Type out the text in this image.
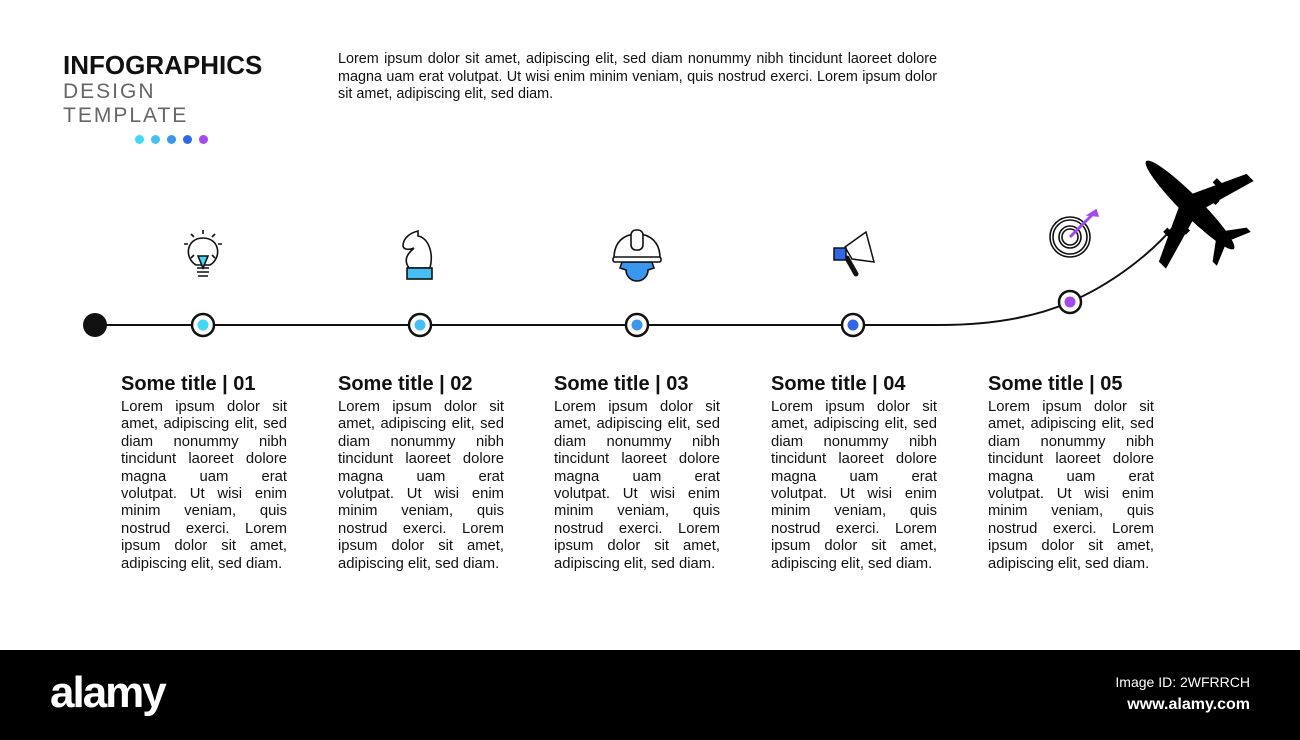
INFOGRAPHICS
DESIGN TEMPLATE

Lorem ipsum dolor sit amet, adipiscing elit, sed diam nonummy nibh tincidunt laoreet dolore magna uam erat volutpat. Ut wisi enim minim veniam, quis nostrud exerci. Lorem ipsum dolor sit amet, adipiscing elit, sed diam.

Some title | 01

Lorem ipsum dolor sit amet, adipiscing elit, sed diam nonummy nibh tincidunt laoreet dolore magna uam erat volutpat. Ut wisi enim minim veniam, quis nostrud exerci. Lorem ipsum dolor sit amet, adipiscing elit, sed diam.

Some title | 02

Lorem ipsum dolor sit amet, adipiscing elit, sed diam nonummy nibh tincidunt laoreet dolore magna uam erat volutpat. Ut wisi enim minim veniam, quis nostrud exerci. Lorem ipsum dolor sit amet, adipiscing elit, sed diam.

Some title | 03

Lorem ipsum dolor sit amet, adipiscing elit, sed diam nonummy nibh tincidunt laoreet dolore magna uam erat volutpat. Ut wisi enim minim veniam, quis nostrud exerci. Lorem ipsum dolor sit amet, adipiscing elit, sed diam.

Some title | 04

Lorem ipsum dolor sit amet, adipiscing elit, sed diam nonummy nibh tincidunt laoreet dolore magna uam erat volutpat. Ut wisi enim minim veniam, quis nostrud exerci. Lorem ipsum dolor sit amet, adipiscing elit, sed diam.

Some title | 05

Lorem ipsum dolor sit amet, adipiscing elit, sed diam nonummy nibh tincidunt laoreet dolore magna uam erat volutpat. Ut wisi enim minim veniam, quis nostrud exerci. Lorem ipsum dolor sit amet, adipiscing elit, sed diam.

alamy	Image ID: 2WFRRCH
www.alamy.com
